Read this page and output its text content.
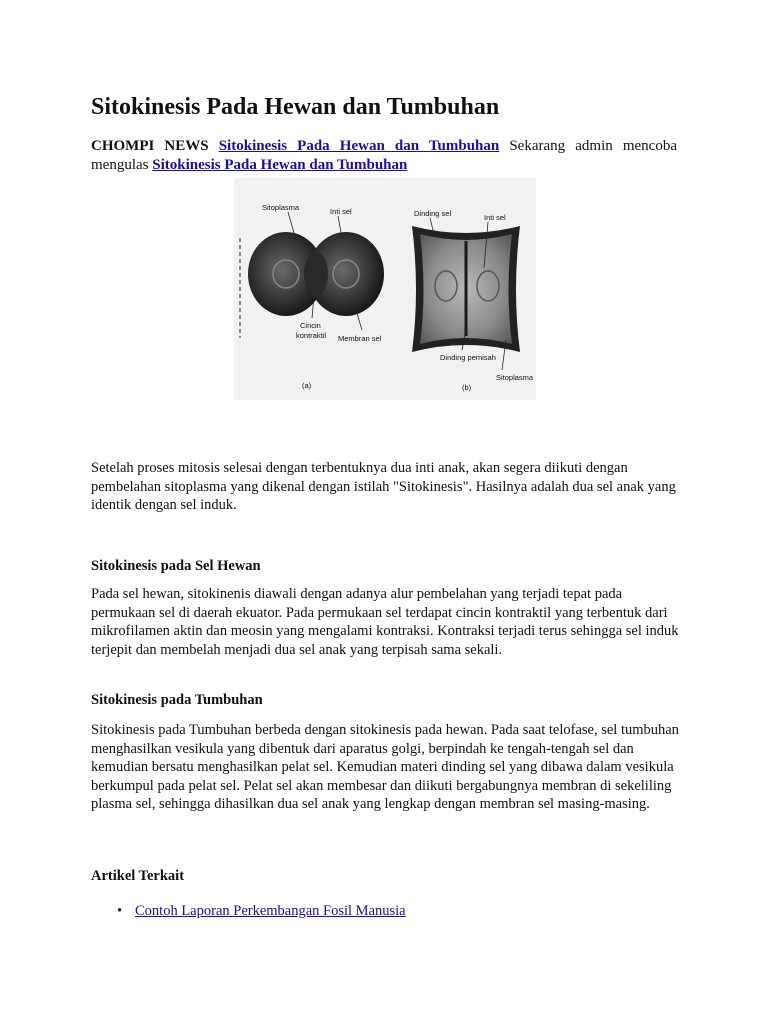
Sitokinesis Pada Hewan dan Tumbuhan

CHOMPI NEWS Sitokinesis Pada Hewan dan Tumbuhan Sekarang admin mencoba mengulas Sitokinesis Pada Hewan dan Tumbuhan

Sitoplasma	Inti sel
Cincin
kontraktil Membran sel
(a)
Dinding sel	Inti sel
Dinding pemisah
Sitoplasma
(b)

Setelah proses mitosis selesai dengan terbentuknya dua inti anak, akan segera diikuti dengan pembelahan sitoplasma yang dikenal dengan istilah "Sitokinesis". Hasilnya adalah dua sel anak yang identik dengan sel induk.

Sitokinesis pada Sel Hewan

Pada sel hewan, sitokinenis diawali dengan adanya alur pembelahan yang terjadi tepat pada permukaan sel di daerah ekuator. Pada permukaan sel terdapat cincin kontraktil yang terbentuk dari mikrofilamen aktin dan meosin yang mengalami kontraksi. Kontraksi terjadi terus sehingga sel induk terjepit dan membelah menjadi dua sel anak yang terpisah sama sekali.

Sitokinesis pada Tumbuhan

Sitokinesis pada Tumbuhan berbeda dengan sitokinesis pada hewan. Pada saat telofase, sel tumbuhan menghasilkan vesikula yang dibentuk dari aparatus golgi, berpindah ke tengah-tengah sel dan kemudian bersatu menghasilkan pelat sel. Kemudian materi dinding sel yang dibawa dalam vesikula berkumpul pada pelat sel. Pelat sel akan membesar dan diikuti bergabungnya membran di sekeliling plasma sel, sehingga dihasilkan dua sel anak yang lengkap dengan membran sel masing-masing.

Artikel Terkait

• Contoh Laporan Perkembangan Fosil Manusia
